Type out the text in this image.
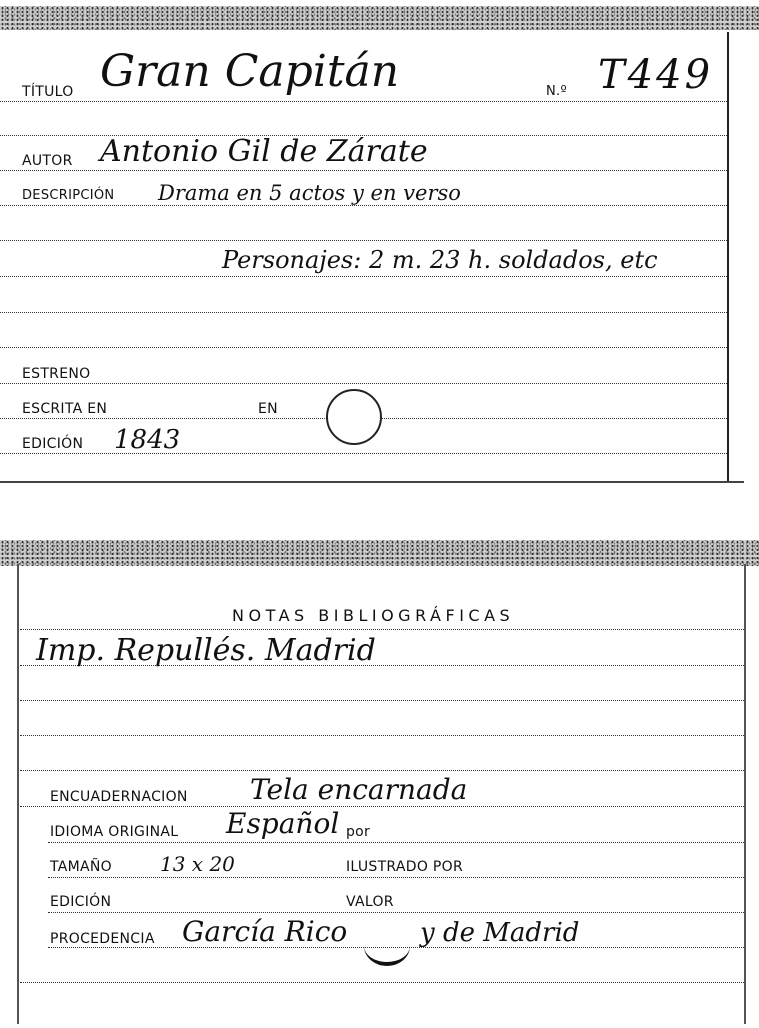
TÍTULO Gran Capitán	N.º T449
AUTOR Antonio Gil de Zárate
DESCRIPCIÓN Drama en 5 actos y en verso
Personajes: 2 m. 23 h. soldados, etc
ESTRENO
ESCRITA EN	EN
EDICIÓN 1843
NOTAS BIBLIOGRÁFICAS
Imp. Repullés. Madrid
ENCUADERNACION Tela encarnada
IDIOMA ORIGINAL Español por
TAMAÑO 13 x 20	ILUSTRADO POR
EDICIÓN	VALOR
PROCEDENCIA García Rico	y de Madrid
